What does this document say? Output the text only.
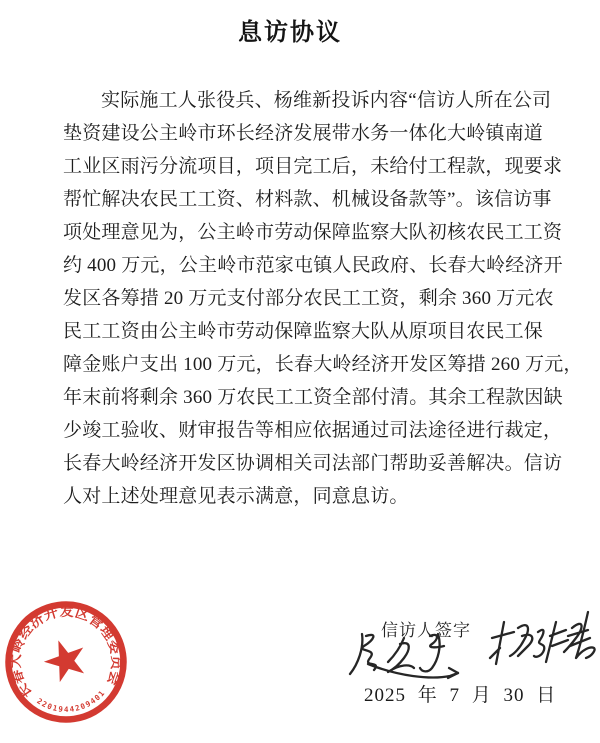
息访协议
实际施工人张役兵、杨维新投诉内容“信访人所在公司
垫资建设公主岭市环长经济发展带水务一体化大岭镇南道
工业区雨污分流项目，项目完工后，未给付工程款，现要求
帮忙解决农民工工资、材料款、机械设备款等”。该信访事
项处理意见为，公主岭市劳动保障监察大队初核农民工工资
约 400 万元，公主岭市范家屯镇人民政府、长春大岭经济开
发区各筹措 20 万元支付部分农民工工资，剩余 360 万元农
民工工资由公主岭市劳动保障监察大队从原项目农民工保
障金账户支出 100 万元，长春大岭经济开发区筹措 260 万元，
年末前将剩余 360 万农民工工资全部付清。其余工程款因缺
少竣工验收、财审报告等相应依据通过司法途径进行裁定，
长春大岭经济开发区协调相关司法部门帮助妥善解决。信访
人对上述处理意见表示满意，同意息访。
长春大岭经济开发区管理委员会
2201944209401
信访人签字
2025 年 7 月 30 日
